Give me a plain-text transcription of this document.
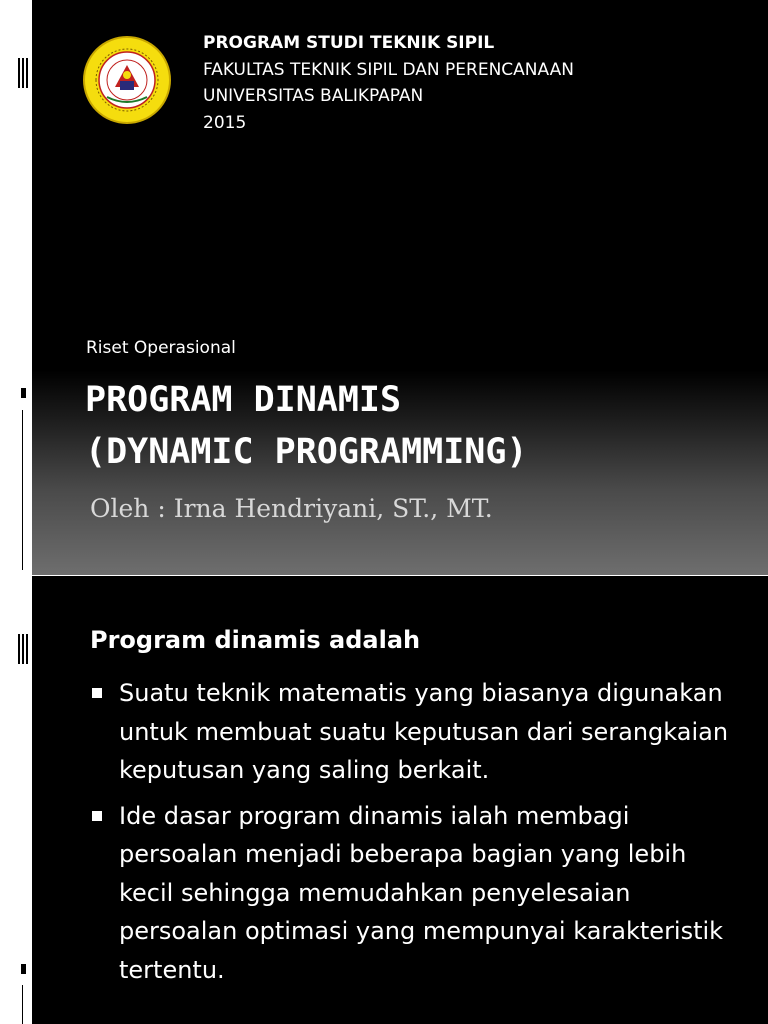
PROGRAM STUDI TEKNIK SIPIL
FAKULTAS TEKNIK SIPIL DAN PERENCANAAN
UNIVERSITAS BALIKPAPAN
2015
Riset Operasional
PROGRAM DINAMIS
(DYNAMIC PROGRAMMING)
Oleh : Irna Hendriyani, ST., MT.
Program dinamis adalah
Suatu teknik matematis yang biasanya digunakan untuk membuat suatu keputusan dari serangkaian keputusan yang saling berkait.
Ide dasar program dinamis ialah membagi persoalan menjadi beberapa bagian yang lebih kecil sehingga memudahkan penyelesaian persoalan optimasi yang mempunyai karakteristik tertentu.
